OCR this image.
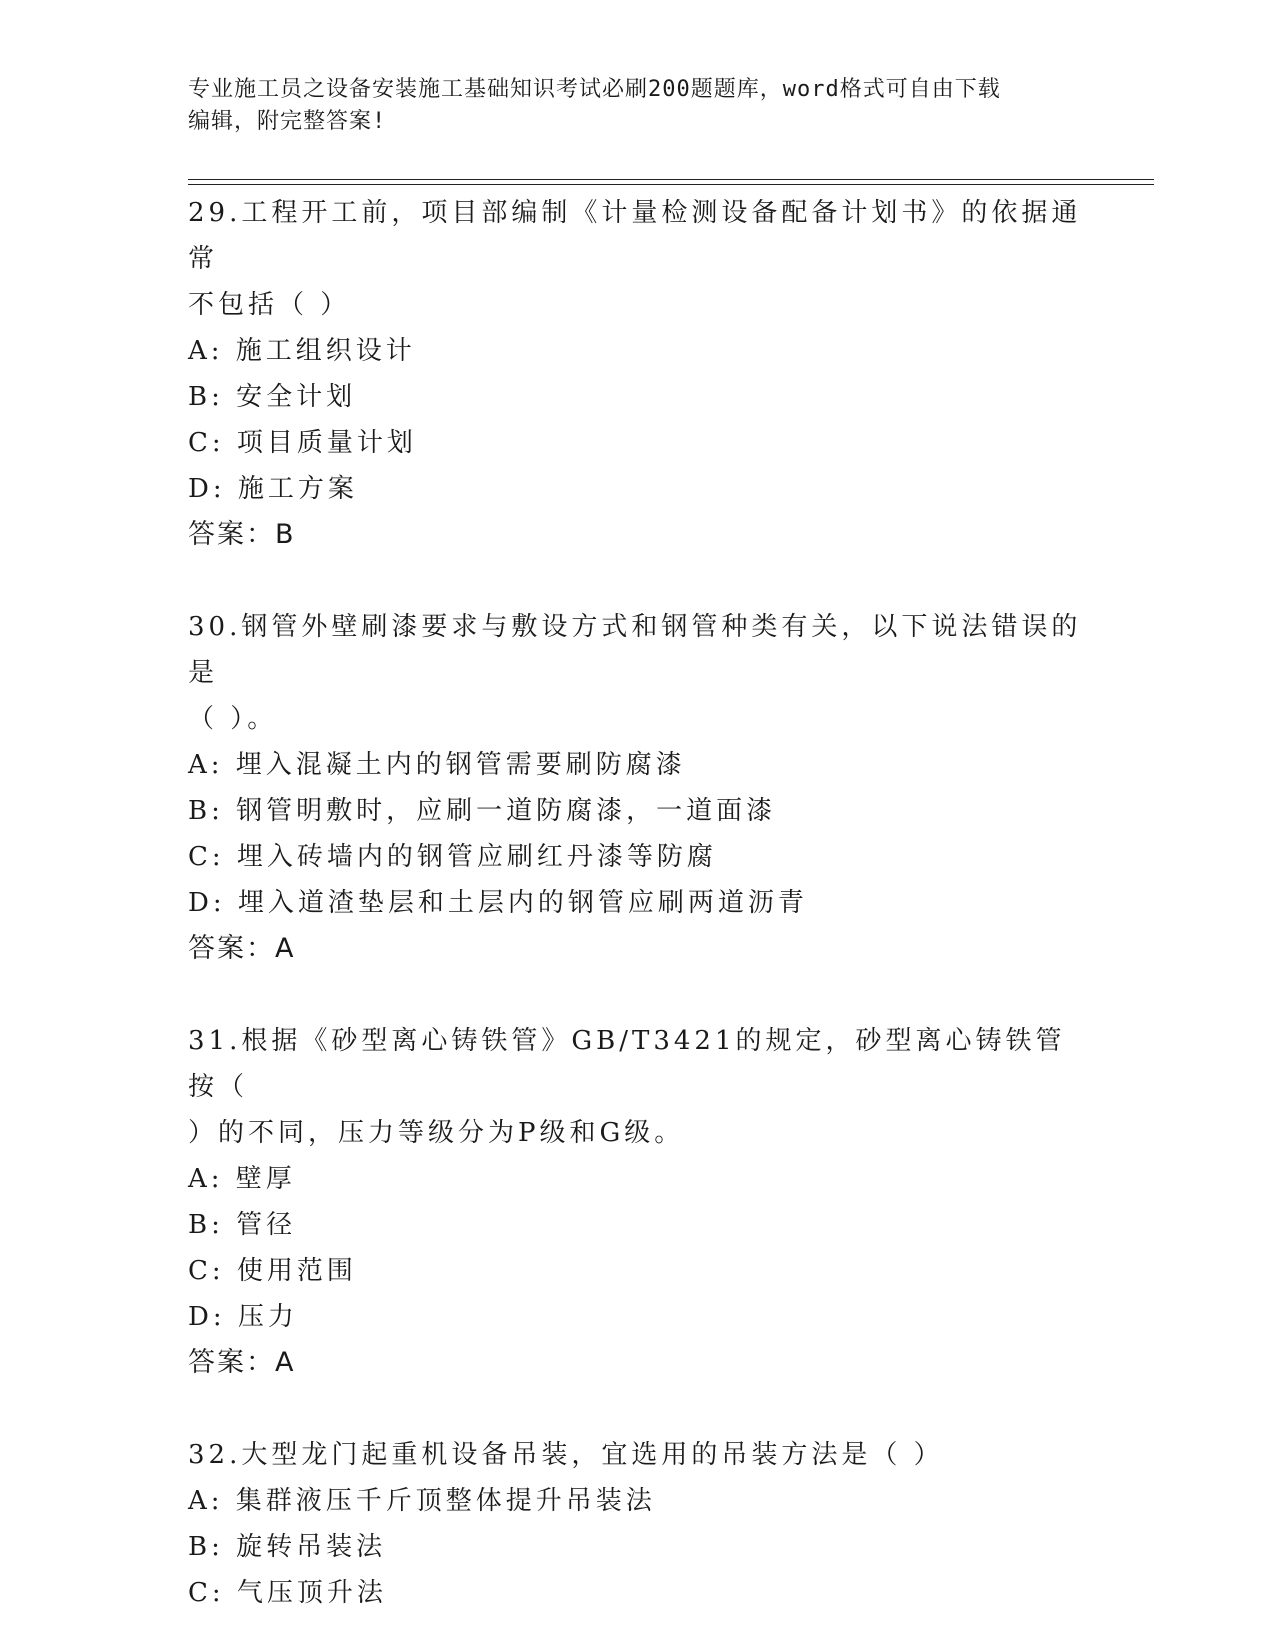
专业施工员之设备安装施工基础知识考试必刷200题题库，word格式可自由下载
编辑，附完整答案!

29.工程开工前，项目部编制《计量检测设备配备计划书》的依据通常

不包括（ ）

A: 施工组织设计

B: 安全计划

C: 项目质量计划

D: 施工方案

答案：B

30.钢管外壁刷漆要求与敷设方式和钢管种类有关，以下说法错误的是

（ ）。

A: 埋入混凝土内的钢管需要刷防腐漆

B: 钢管明敷时，应刷一道防腐漆，一道面漆

C: 埋入砖墙内的钢管应刷红丹漆等防腐

D: 埋入道渣垫层和土层内的钢管应刷两道沥青

答案：A

31.根据《砂型离心铸铁管》GB/T3421的规定，砂型离心铸铁管按（

）的不同，压力等级分为P级和G级。

A: 壁厚

B: 管径

C: 使用范围

D: 压力

答案：A

32.大型龙门起重机设备吊装，宜选用的吊装方法是（ ）

A: 集群液压千斤顶整体提升吊装法

B: 旋转吊装法

C: 气压顶升法
